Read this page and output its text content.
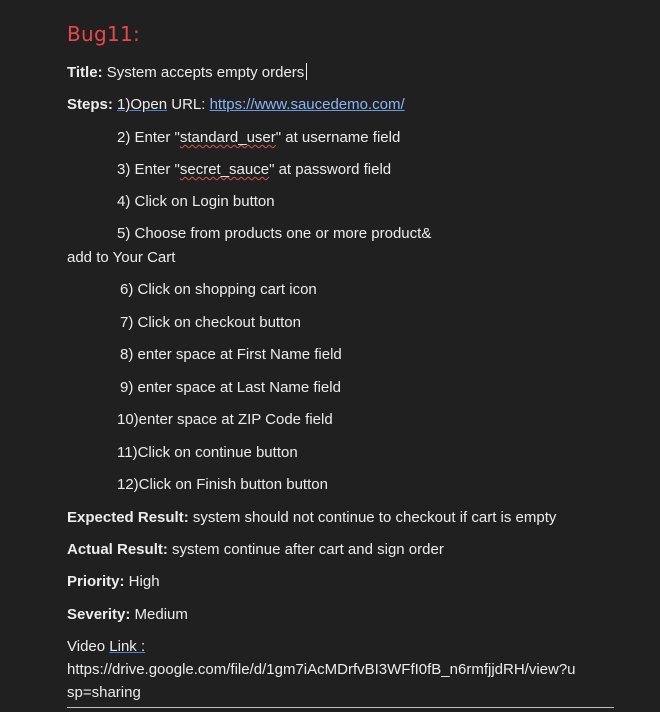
Bug11:
Title: System accepts empty orders
Steps: 1)Open URL: https://www.saucedemo.com/
2) Enter "standard_user" at username field
3) Enter "secret_sauce" at password field
4) Click on Login button
5) Choose from products one or more product&
add to Your Cart
6) Click on shopping cart icon
7) Click on checkout button
8) enter space at First Name field
9) enter space at Last Name field
10)enter space at ZIP Code field
11)Click on continue button
12)Click on Finish button button
Expected Result: system should not continue to checkout if cart is empty
Actual Result: system continue after cart and sign order
Priority: High
Severity: Medium
Video Link :
https://drive.google.com/file/d/1gm7iAcMDrfvBI3WFfI0fB_n6rmfjjdRH/view?u
sp=sharing
